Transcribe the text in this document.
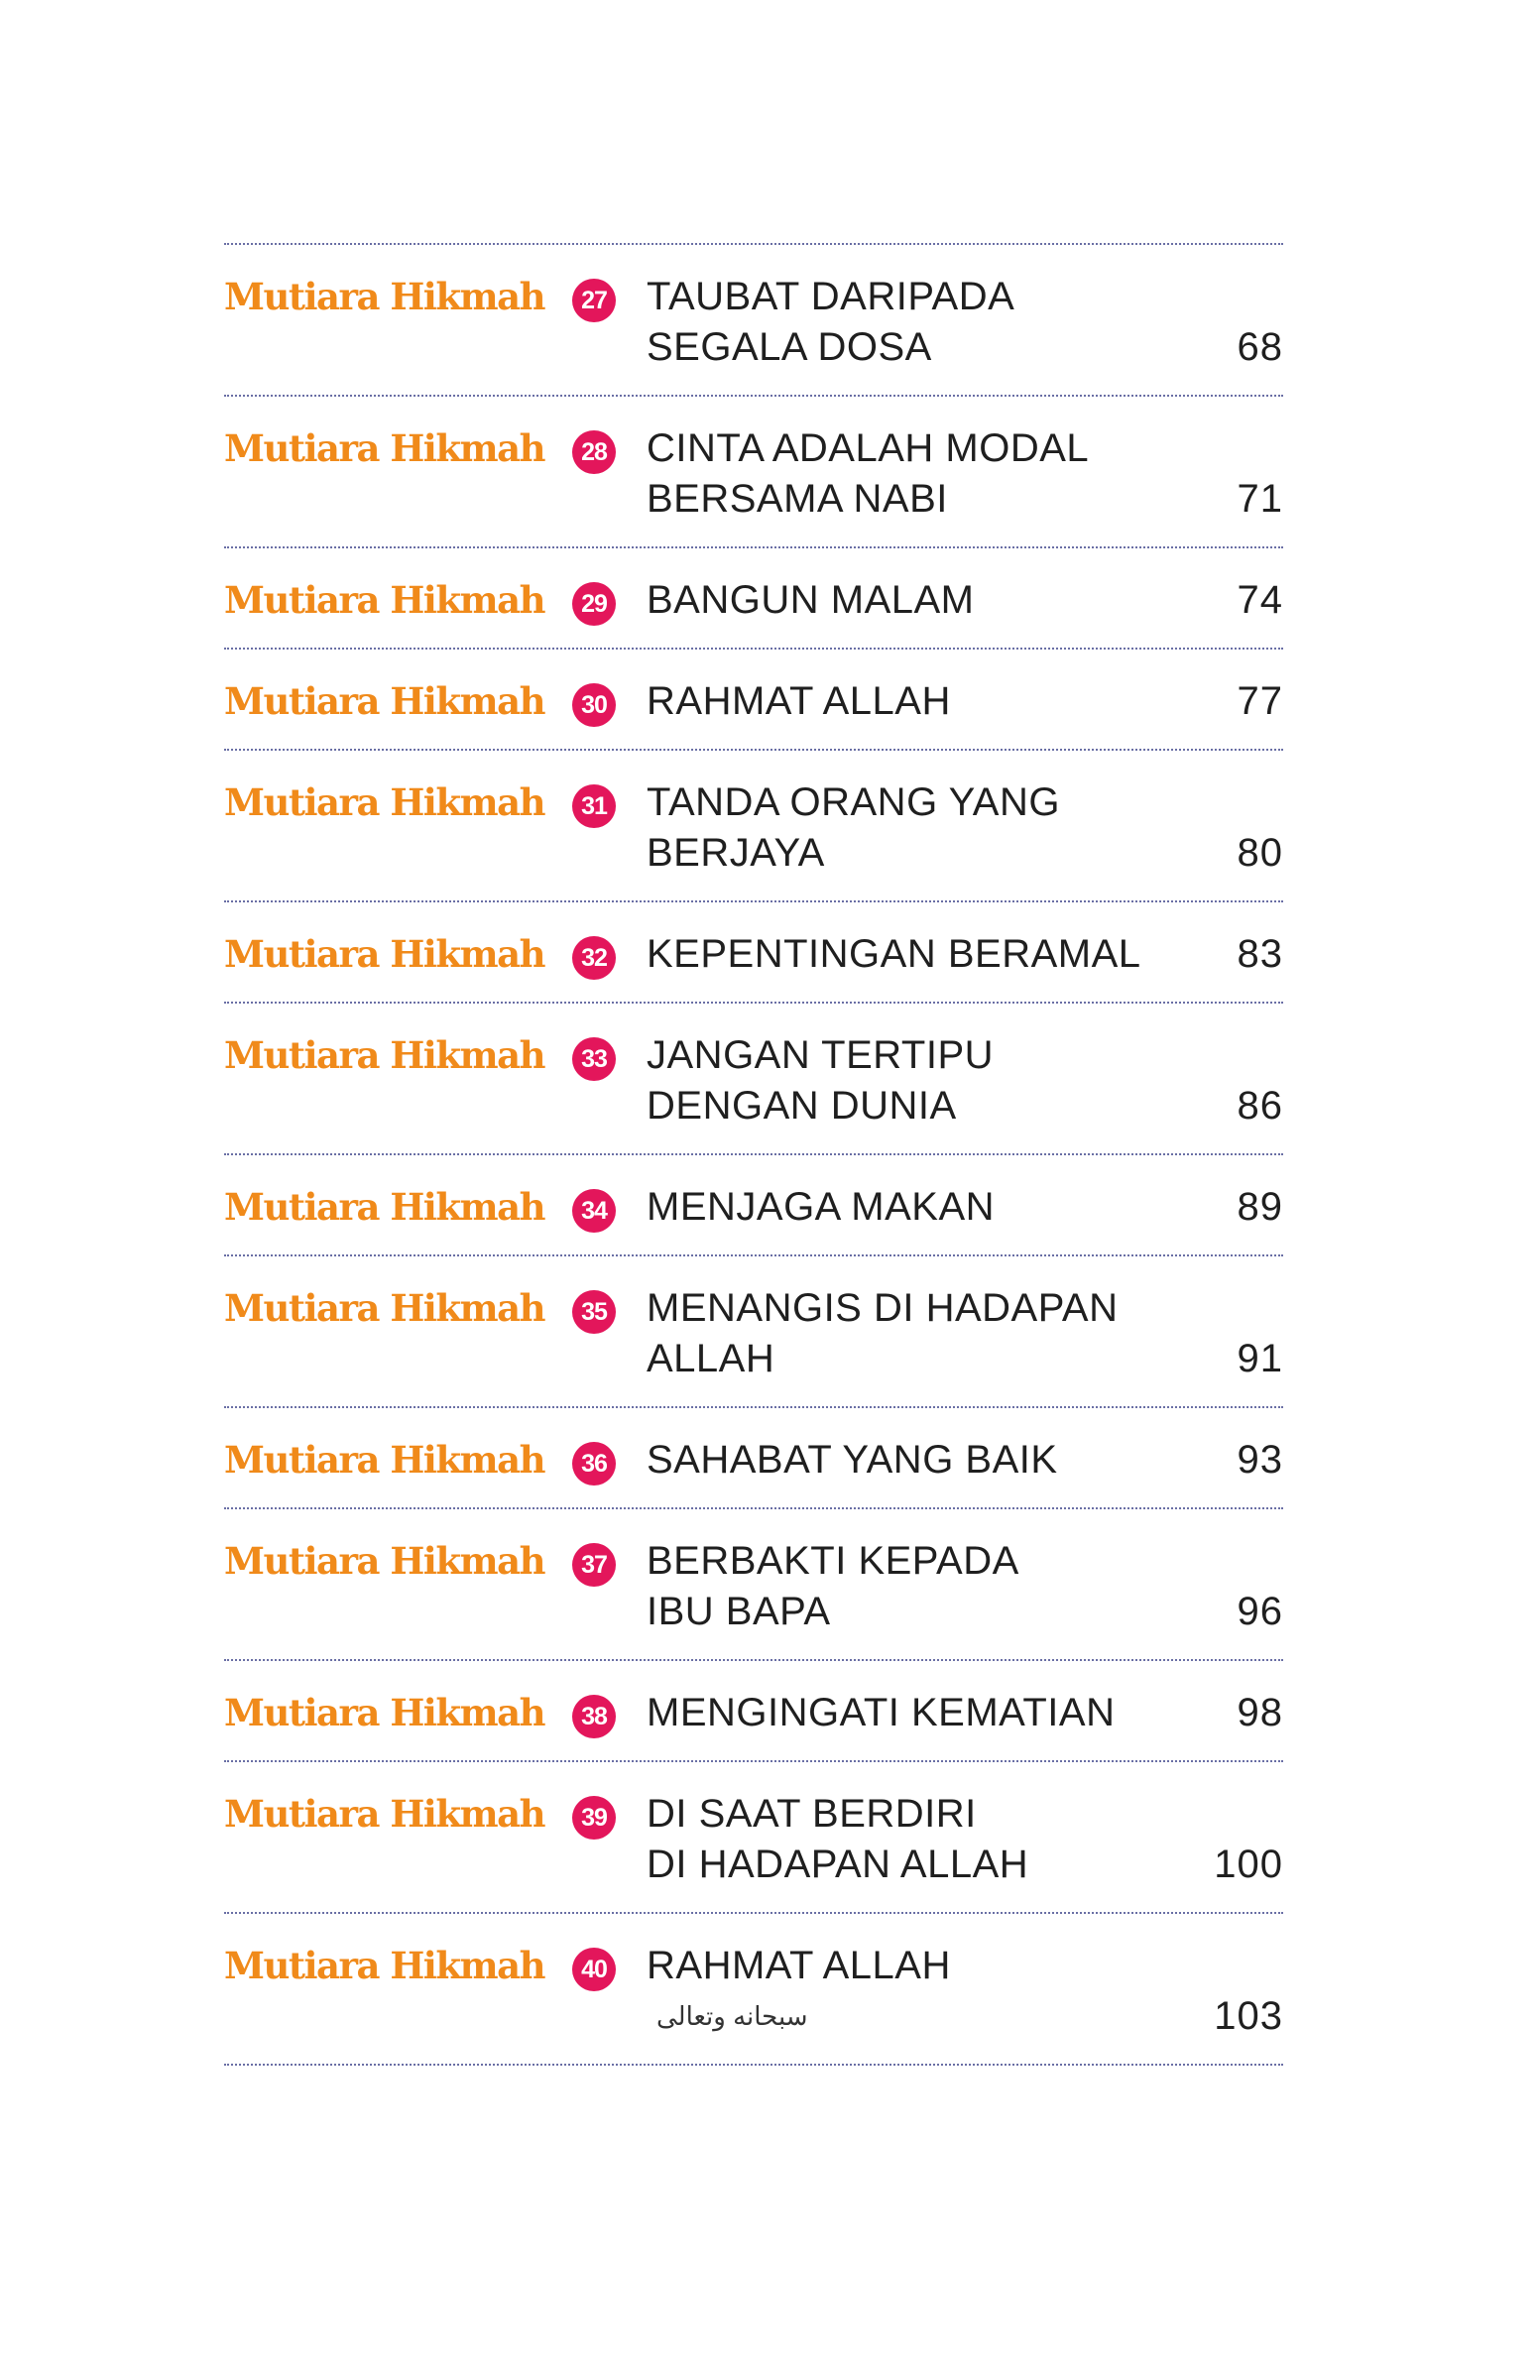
Mutiara Hikmah	27 TAUBAT DARIPADA
SEGALA DOSA	68
Mutiara Hikmah	28 CINTA ADALAH MODAL
BERSAMA NABI	71
Mutiara Hikmah	29 BANGUN MALAM	74
Mutiara Hikmah	30 RAHMAT ALLAH	77
Mutiara Hikmah	31 TANDA ORANG YANG
BERJAYA	80
Mutiara Hikmah	32 KEPENTINGAN BERAMAL	83
Mutiara Hikmah	33 JANGAN TERTIPU
DENGAN DUNIA	86
Mutiara Hikmah	34 MENJAGA MAKAN	89
Mutiara Hikmah	35 MENANGIS DI HADAPAN
ALLAH	91
Mutiara Hikmah	36 SAHABAT YANG BAIK	93
Mutiara Hikmah	37 BERBAKTI KEPADA
IBU BAPA	96
Mutiara Hikmah	38 MENGINGATI KEMATIAN	98
Mutiara Hikmah	39 DI SAAT BERDIRI
DI HADAPAN ALLAH	100
Mutiara Hikmah	40 RAHMAT ALLAH
سبحانه وتعالى	103
